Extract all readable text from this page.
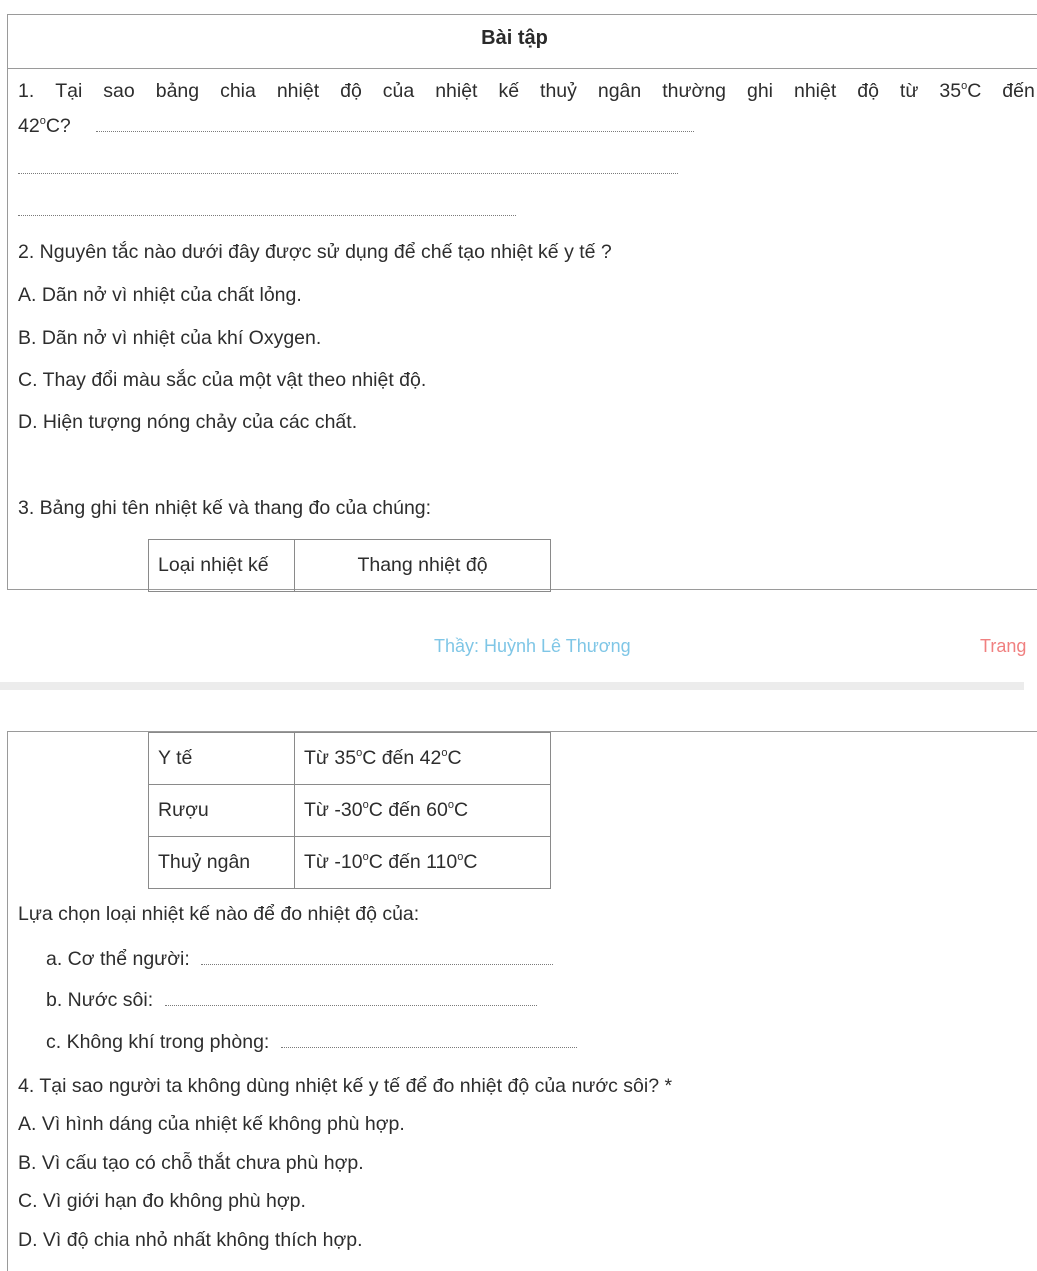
Bài tập
1. Tại sao bảng chia nhiệt độ của nhiệt kế thuỷ ngân thường ghi nhiệt độ từ 35$^o$C đến
42$^o$C?
2. Nguyên tắc nào dưới đây được sử dụng để chế tạo nhiệt kế y tế ?
A. Dãn nở vì nhiệt của chất lỏng.
B. Dãn nở vì nhiệt của khí Oxygen.
C. Thay đổi màu sắc của một vật theo nhiệt độ.
D. Hiện tượng nóng chảy của các chất.
3. Bảng ghi tên nhiệt kế và thang đo của chúng:
Loại nhiệt kế	Thang nhiệt độ
Thầy: Huỳnh Lê Thương	Trang
Y tế	Từ 35$^o$C đến 42$^o$C
Rượu	Từ -30$^o$C đến 60$^o$C
Thuỷ ngân	Từ -10$^o$C đến 110$^o$C
Lựa chọn loại nhiệt kế nào để đo nhiệt độ của:
a. Cơ thể người:
b. Nước sôi:
c. Không khí trong phòng:
4. Tại sao người ta không dùng nhiệt kế y tế để đo nhiệt độ của nước sôi? *
A. Vì hình dáng của nhiệt kế không phù hợp.
B. Vì cấu tạo có chỗ thắt chưa phù hợp.
C. Vì giới hạn đo không phù hợp.
D. Vì độ chia nhỏ nhất không thích hợp.
